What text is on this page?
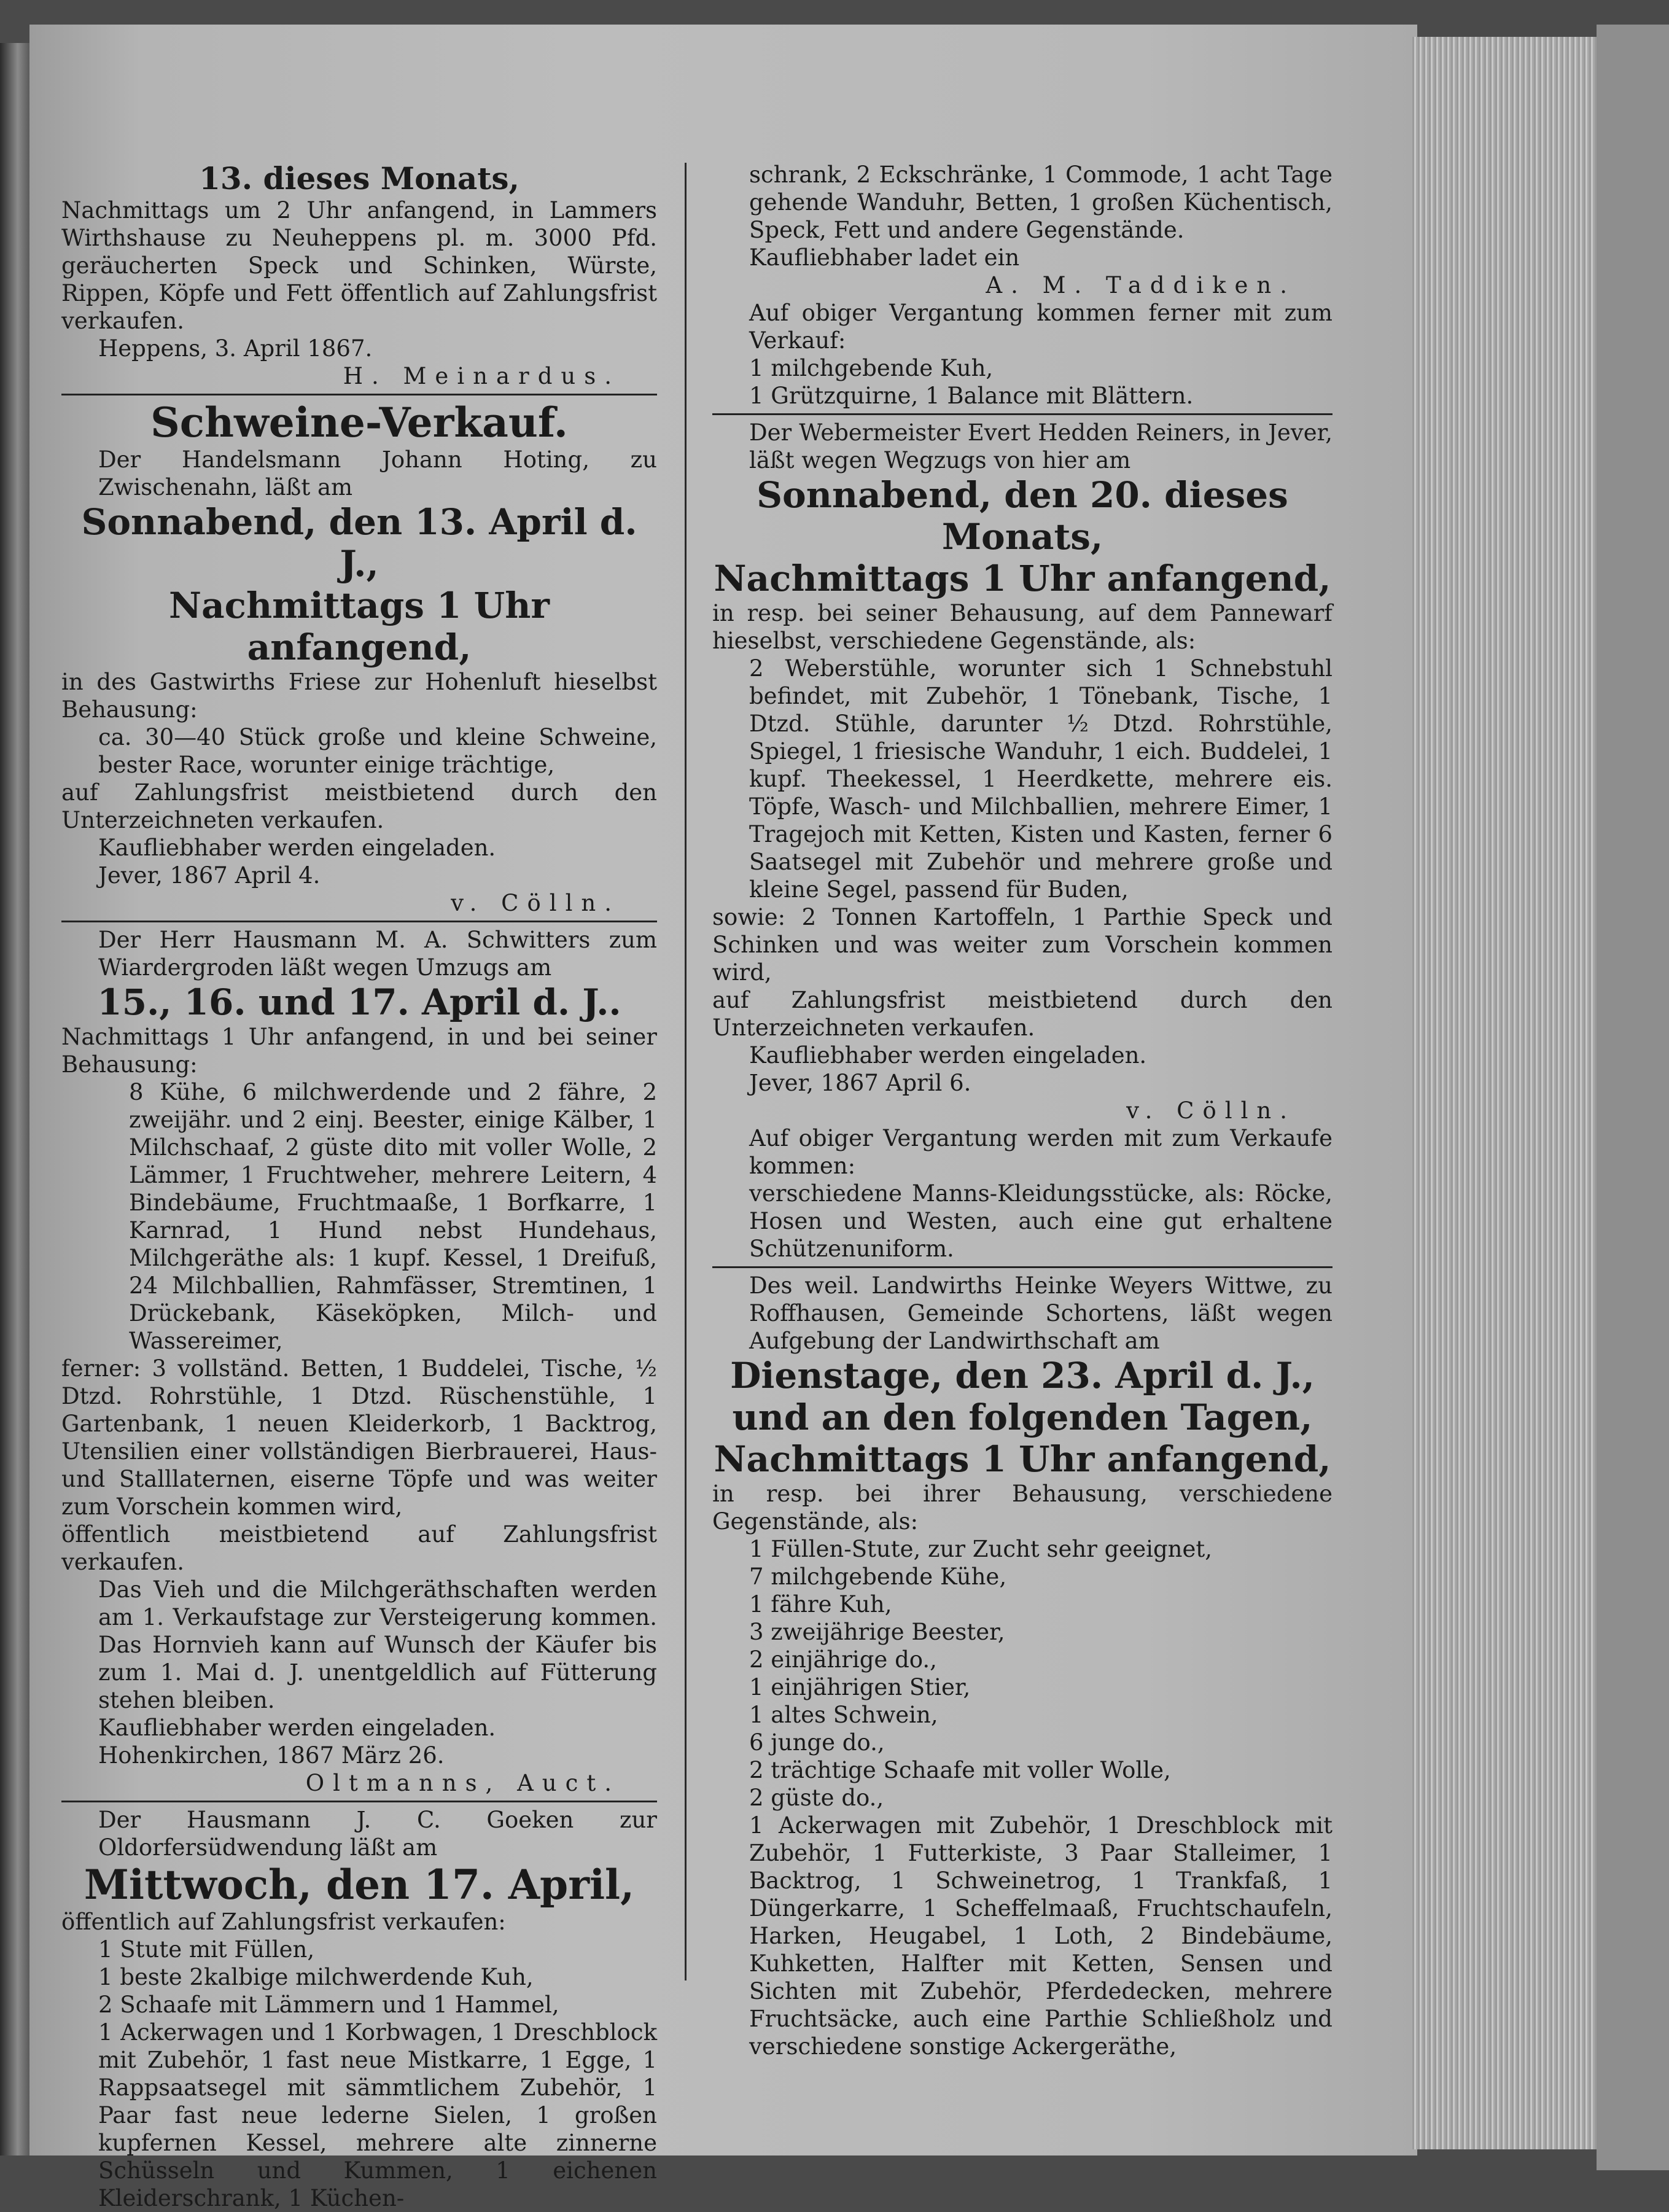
13. dieses Monats,

Nachmittags um 2 Uhr anfangend, in Lammers Wirthshause zu Neuheppens pl. m. 3000 Pfd. geräucherten Speck und Schinken, Würste, Rippen, Köpfe und Fett öffentlich auf Zahlungsfrist verkaufen.

Heppens, 3. April 1867.

H. Meinardus.

Schweine-Verkauf.

Der Handelsmann Johann Hoting, zu Zwischenahn, läßt am

Sonnabend, den 13. April d. J.,

Nachmittags 1 Uhr anfangend,

in des Gastwirths Friese zur Hohenluft hieselbst Behausung:

ca. 30—40 Stück große und kleine Schweine, bester Race, worunter einige trächtige,

auf Zahlungsfrist meistbietend durch den Unterzeichneten verkaufen.

Kaufliebhaber werden eingeladen.

Jever, 1867 April 4.

v. Cölln.

Der Herr Hausmann M. A. Schwitters zum Wiardergroden läßt wegen Umzugs am

15., 16. und 17. April d. J..

Nachmittags 1 Uhr anfangend, in und bei seiner Behausung:

8 Kühe, 6 milchwerdende und 2 fähre, 2 zweijähr. und 2 einj. Beester, einige Kälber, 1 Milchschaaf, 2 güste dito mit voller Wolle, 2 Lämmer, 1 Fruchtweher, mehrere Leitern, 4 Bindebäume, Fruchtmaaße, 1 Borfkarre, 1 Karnrad, 1 Hund nebst Hundehaus, Milchgeräthe als: 1 kupf. Kessel, 1 Dreifuß, 24 Milchballien, Rahmfässer, Stremtinen, 1 Drückebank, Käseköpken, Milch- und Wassereimer,

ferner: 3 vollständ. Betten, 1 Buddelei, Tische, ½ Dtzd. Rohrstühle, 1 Dtzd. Rüschenstühle, 1 Gartenbank, 1 neuen Kleiderkorb, 1 Backtrog, Utensilien einer vollständigen Bierbrauerei, Haus- und Stalllaternen, eiserne Töpfe und was weiter zum Vorschein kommen wird,

öffentlich meistbietend auf Zahlungsfrist verkaufen.

Das Vieh und die Milchgeräthschaften werden am 1. Verkaufstage zur Versteigerung kommen. Das Hornvieh kann auf Wunsch der Käufer bis zum 1. Mai d. J. unentgeldlich auf Fütterung stehen bleiben.

Kaufliebhaber werden eingeladen.

Hohenkirchen, 1867 März 26.

Oltmanns, Auct.

Der Hausmann J. C. Goeken zur Oldorfersüdwendung läßt am

Mittwoch, den 17. April,

öffentlich auf Zahlungsfrist verkaufen:

1 Stute mit Füllen,

1 beste 2kalbige milchwerdende Kuh,

2 Schaafe mit Lämmern und 1 Hammel,

1 Ackerwagen und 1 Korbwagen, 1 Dreschblock mit Zubehör, 1 fast neue Mistkarre, 1 Egge, 1 Rappsaatsegel mit sämmtlichem Zubehör, 1 Paar fast neue lederne Sielen, 1 großen kupfernen Kessel, mehrere alte zinnerne Schüsseln und Kummen, 1 eichenen Kleiderschrank, 1 Küchen-

schrank, 2 Eckschränke, 1 Commode, 1 acht Tage gehende Wanduhr, Betten, 1 großen Küchentisch, Speck, Fett und andere Gegenstände.

Kaufliebhaber ladet ein

A. M. Taddiken.

Auf obiger Vergantung kommen ferner mit zum Verkauf:

1 milchgebende Kuh,

1 Grützquirne, 1 Balance mit Blättern.

Der Webermeister Evert Hedden Reiners, in Jever, läßt wegen Wegzugs von hier am

Sonnabend, den 20. dieses Monats,

Nachmittags 1 Uhr anfangend,

in resp. bei seiner Behausung, auf dem Pannewarf hieselbst, verschiedene Gegenstände, als:

2 Weberstühle, worunter sich 1 Schnebstuhl befindet, mit Zubehör, 1 Tönebank, Tische, 1 Dtzd. Stühle, darunter ½ Dtzd. Rohrstühle, Spiegel, 1 friesische Wanduhr, 1 eich. Buddelei, 1 kupf. Theekessel, 1 Heerdkette, mehrere eis. Töpfe, Wasch- und Milchballien, mehrere Eimer, 1 Tragejoch mit Ketten, Kisten und Kasten, ferner 6 Saatsegel mit Zubehör und mehrere große und kleine Segel, passend für Buden,

sowie: 2 Tonnen Kartoffeln, 1 Parthie Speck und Schinken und was weiter zum Vorschein kommen wird,

auf Zahlungsfrist meistbietend durch den Unterzeichneten verkaufen.

Kaufliebhaber werden eingeladen.

Jever, 1867 April 6.

v. Cölln.

Auf obiger Vergantung werden mit zum Verkaufe kommen:

verschiedene Manns-Kleidungsstücke, als: Röcke, Hosen und Westen, auch eine gut erhaltene Schützenuniform.

Des weil. Landwirths Heinke Weyers Wittwe, zu Roffhausen, Gemeinde Schortens, läßt wegen Aufgebung der Landwirthschaft am

Dienstage, den 23. April d. J.,

und an den folgenden Tagen,

Nachmittags 1 Uhr anfangend,

in resp. bei ihrer Behausung, verschiedene Gegenstände, als:

1 Füllen-Stute, zur Zucht sehr geeignet,

7 milchgebende Kühe,

1 fähre Kuh,

3 zweijährige Beester,

2 einjährige do.,

1 einjährigen Stier,

1 altes Schwein,

6 junge do.,

2 trächtige Schaafe mit voller Wolle,

2 güste do.,

1 Ackerwagen mit Zubehör, 1 Dreschblock mit Zubehör, 1 Futterkiste, 3 Paar Stalleimer, 1 Backtrog, 1 Schweinetrog, 1 Trankfaß, 1 Düngerkarre, 1 Scheffelmaaß, Fruchtschaufeln, Harken, Heugabel, 1 Loth, 2 Bindebäume, Kuhketten, Halfter mit Ketten, Sensen und Sichten mit Zubehör, Pferdedecken, mehrere Fruchtsäcke, auch eine Parthie Schließholz und verschiedene sonstige Ackergeräthe,
